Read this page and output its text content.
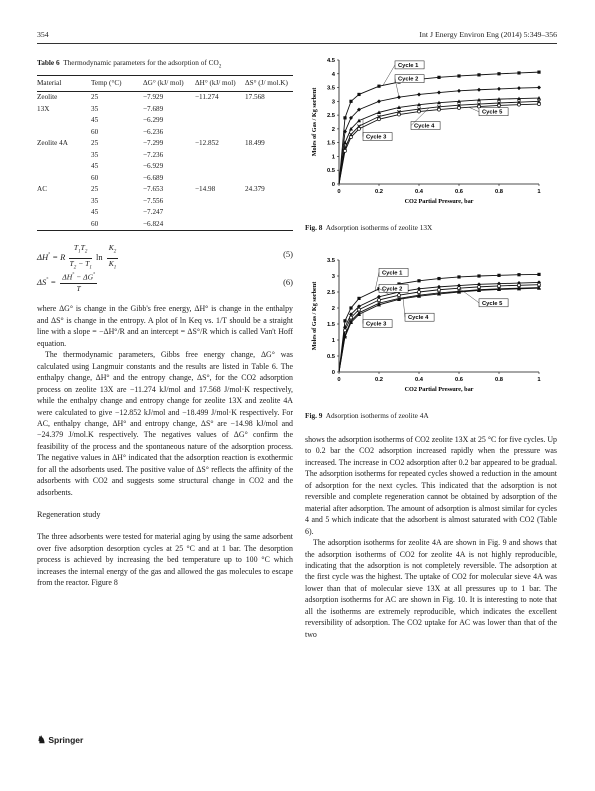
354	Int J Energy Environ Eng (2014) 5:349–356
Table 6 Thermodynamic parameters for the adsorption of $CO_2$
Material	Temp (°C)	ΔG° (kJ/ mol)	ΔH° (kJ/ mol)	ΔS° (J/ mol.K)
Zeolite	25	−7.929	−11.274	17.568
13X	35	−7.689		
	45	−6.299		
	60	−6.236		
Zeolite 4A	25	−7.299	−12.852	18.499
	35	−7.236		
	45	−6.929		
	60	−6.689		
AC	25	−7.653	−14.98	24.379
	35	−7.556		
	45	−7.247		
	60	−6.824		
ΔH° = R $\frac{T_1T_2}{T_2 - T_1}$ $\ln \frac{K_2}{K_1}$	(5)
$\Delta S^\circ = \frac{\Delta H^\circ - \Delta G^\circ}{T}$	(6)

where ΔG° is change in the Gibb's free energy, ΔH° is change in the enthalpy and ΔS° is change in the entropy. A plot of ln Keq vs. 1/T should be a straight line with a slope = −ΔH°/R and an intercept = ΔS°/R which is called Van't Hoff equation.

The thermodynamic parameters, Gibbs free energy change, ΔG° was calculated using Langmuir constants and the results are listed in Table 6. The enthalpy change, ΔH° and the entropy change, ΔS°, for the CO2 adsorption process on zeolite 13X are −11.274 kJ/mol and 17.568 J/mol·K respectively, while the enthalpy change and entropy change for zeolite 13X and zeolite 4A were calculated to give −12.852 kJ/mol and −18.499 J/mol·K respectively. For AC, enthalpy change, ΔH° and entropy change, ΔS° are −14.98 kJ/mol and −24.379 J/mol.K respectively. The negatives values of ΔG° confirm the feasibility of the process and the spontaneous nature of the adsorption process. The negative values in ΔH° indicated that the adsorption reaction is exothermic for all the adsorbents used. The positive value of ΔS° reflects the affinity of the adsorbents with CO2 and suggests some structural change in CO2 and the adsorbents.

Regeneration study

The three adsorbents were tested for material aging by using the same adsorbent over five adsorption desorption cycles at 25 °C and at 1 bar. The desorption process is achieved by increasing the bed temperature up to 100 °C which increases the internal energy of the gas and allowed the gas molecules to escape from the reactor. Figure 8

0
0.5
1
1.5
2
2.5
3
3.5
4
4.5
0	0.2	0.4	0.6	0.8	1
CO2 Partial Pressure, bar
Moles of Gas / Kg sorbent
Cycle 1
Cycle 2
Cycle 3
Cycle 4
Cycle 5
Fig. 8 Adsorption isotherms of zeolite 13X
0
0.5
1
1.5
2
2.5
3
3.5
0	0.2	0.4	0.6	0.8	1
CO2 Partial Pressure, bar
Moles of Gas / Kg sorbent
Cycle 1
Cycle 2
Cycle 3
Cycle 4
Cycle 5
Fig. 9 Adsorption isotherms of zeolite 4A

shows the adsorption isotherms of CO2 zeolite 13X at 25 °C for five cycles. Up to 0.2 bar the CO2 adsorption increased rapidly when the pressure was increased. The increase in CO2 adsorption after 0.2 bar appeared to be gradual. The adsorption isotherms for repeated cycles showed a reduction in the amount of adsorption for the next cycles. This indicated that the adsorption is not reversible and complete regeneration cannot be obtained by adsorption of the material after adsorption. The amount of adsorption is almost similar for cycles 4 and 5 which indicate that the adsorbent is almost saturated with CO2 (Table 6).

The adsorption isotherms for zeolite 4A are shown in Fig. 9 and shows that the adsorption isotherms of CO2 for zeolite 4A is not highly reproducible, indicating that the adsorption is not completely reversible. The adsorption at the first cycle was the highest. The uptake of CO2 for molecular sieve 4A was lower than that of molecular sieve 13X at all pressures up to 1 bar. The adsorption isotherms for AC are shown in Fig. 10. It is interesting to note that all the isotherms are extremely reproducible, which indicates the excellent reversibility of adsorption. The CO2 uptake for AC was lower than that of the two

♞ Springer
